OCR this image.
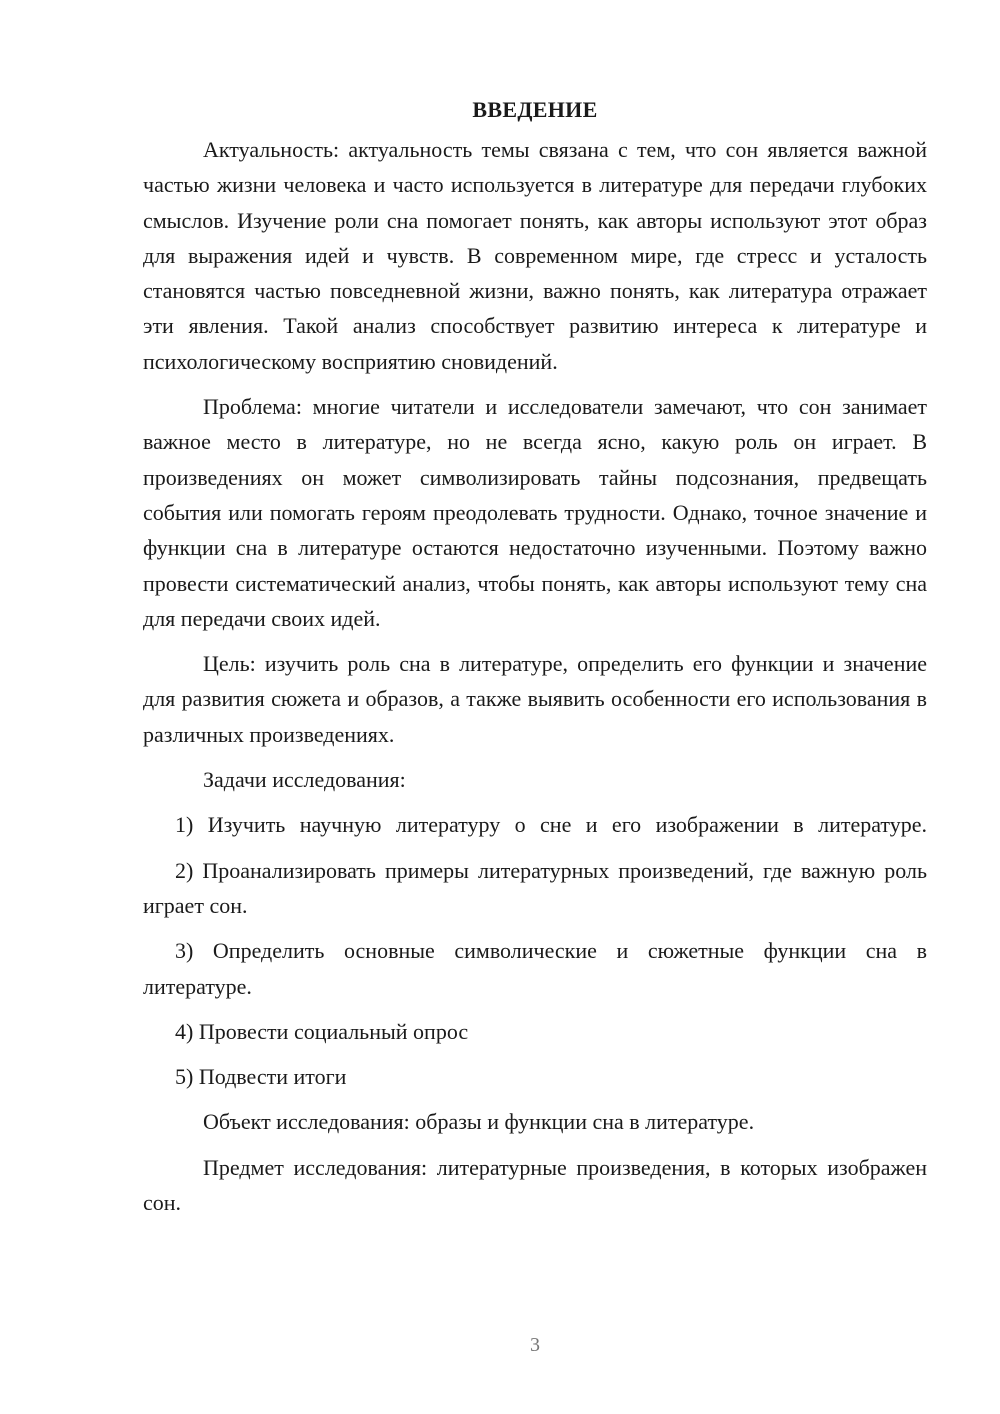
ВВЕДЕНИЕ

Актуальность: актуальность темы связана с тем, что сон является важной частью жизни человека и часто используется в литературе для передачи глубоких смыслов. Изучение роли сна помогает понять, как авторы используют этот образ для выражения идей и чувств. В современном мире, где стресс и усталость становятся частью повседневной жизни, важно понять, как литература отражает эти явления. Такой анализ способствует развитию интереса к литературе и психологическому восприятию сновидений.

Проблема: многие читатели и исследователи замечают, что сон занимает важное место в литературе, но не всегда ясно, какую роль он играет. В произведениях он может символизировать тайны подсознания, предвещать события или помогать героям преодолевать трудности. Однако, точное значение и функции сна в литературе остаются недостаточно изученными. Поэтому важно провести систематический анализ, чтобы понять, как авторы используют тему сна для передачи своих идей.

Цель: изучить роль сна в литературе, определить его функции и значение для развития сюжета и образов, а также выявить особенности его использования в различных произведениях.

Задачи исследования:

1) Изучить научную литературу о сне и его изображении в литературе.

2) Проанализировать примеры литературных произведений, где важную роль играет сон.

3) Определить основные символические и сюжетные функции сна в литературе.

4) Провести социальный опрос

5) Подвести итоги

Объект исследования: образы и функции сна в литературе.

Предмет исследования: литературные произведения, в которых изображен сон.

3
